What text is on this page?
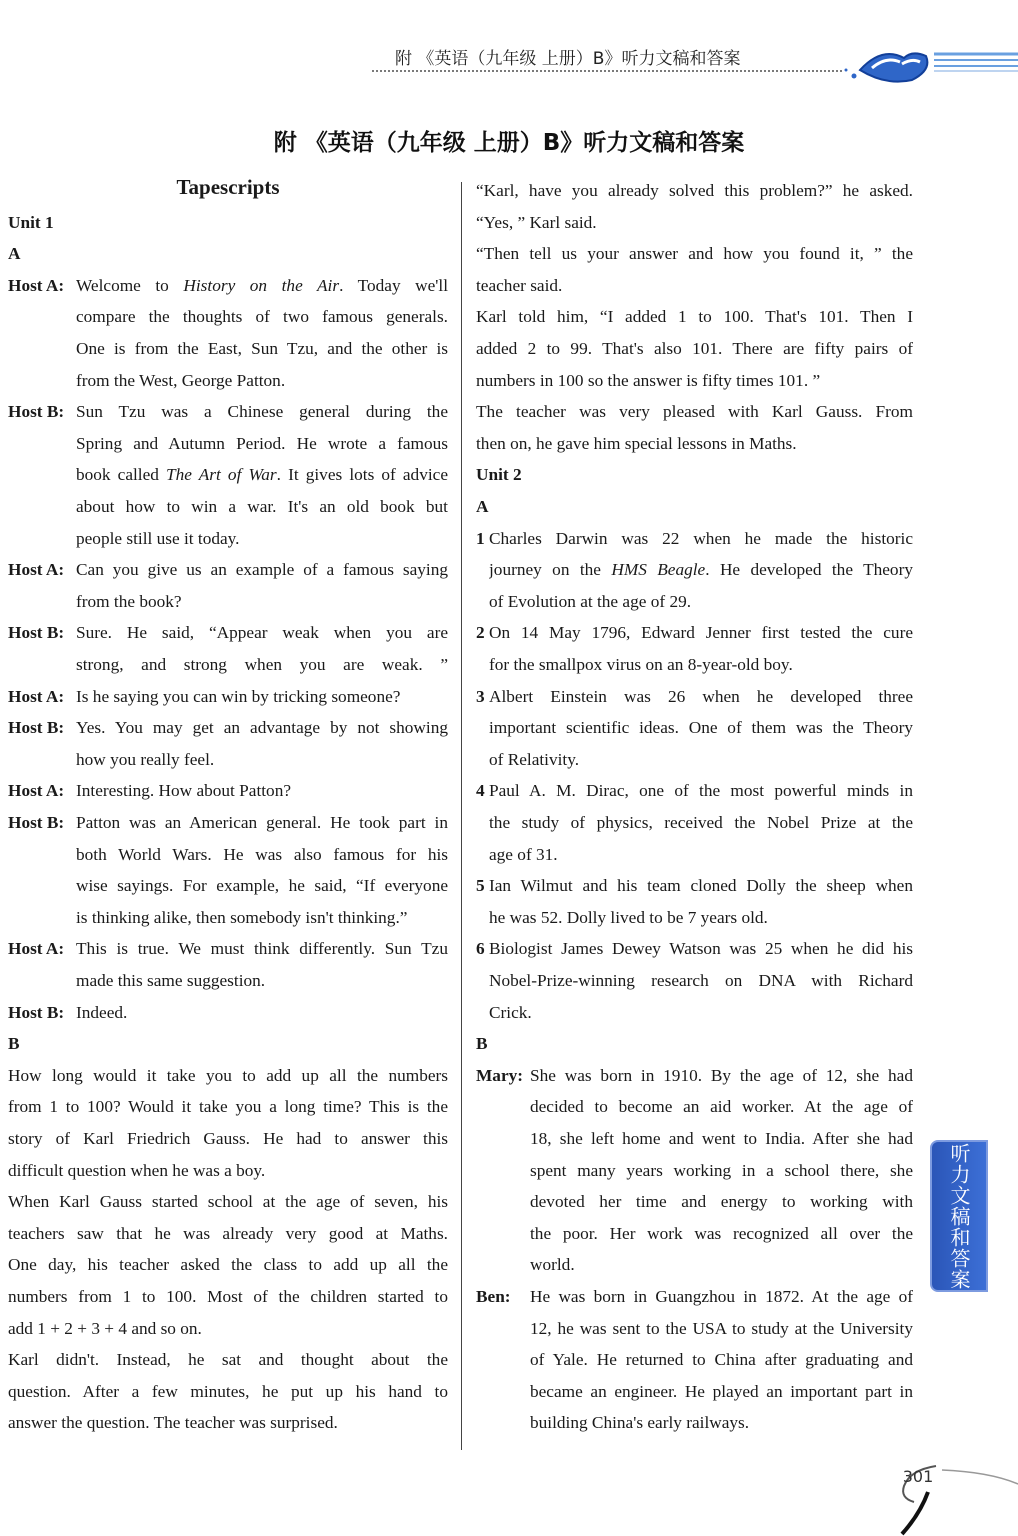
附 《英语（九年级 上册）B》听力文稿和答案
附 《英语（九年级 上册）B》听力文稿和答案
Tapescripts
Unit 1
A
Host A: Welcome to History on the Air. Today we'll
compare the thoughts of two famous generals.
One is from the East, Sun Tzu, and the other is
from the West, George Patton.
Host B: Sun Tzu was a Chinese general during the
Spring and Autumn Period. He wrote a famous
book called The Art of War. It gives lots of advice
about how to win a war. It's an old book but
people still use it today.
Host A: Can you give us an example of a famous saying
from the book?
Host B: Sure. He said, “Appear weak when you are
strong, and strong when you are weak. ”
Host A: Is he saying you can win by tricking someone?
Host B: Yes. You may get an advantage by not showing
how you really feel.
Host A: Interesting. How about Patton?
Host B: Patton was an American general. He took part in
both World Wars. He was also famous for his
wise sayings. For example, he said, “If everyone
is thinking alike, then somebody isn't thinking.”
Host A: This is true. We must think differently. Sun Tzu
made this same suggestion.
Host B: Indeed.
B
How long would it take you to add up all the numbers
from 1 to 100? Would it take you a long time? This is the
story of Karl Friedrich Gauss. He had to answer this
difficult question when he was a boy.
When Karl Gauss started school at the age of seven, his
teachers saw that he was already very good at Maths.
One day, his teacher asked the class to add up all the
numbers from 1 to 100. Most of the children started to
add 1 + 2 + 3 + 4 and so on.
Karl didn't. Instead, he sat and thought about the
question. After a few minutes, he put up his hand to
answer the question. The teacher was surprised.
“Karl, have you already solved this problem?” he asked.
“Yes, ” Karl said.
“Then tell us your answer and how you found it, ” the
teacher said.
Karl told him, “I added 1 to 100. That's 101. Then I
added 2 to 99. That's also 101. There are fifty pairs of
numbers in 100 so the answer is fifty times 101. ”
The teacher was very pleased with Karl Gauss. From
then on, he gave him special lessons in Maths.
Unit 2
A
1 Charles Darwin was 22 when he made the historic
journey on the HMS Beagle. He developed the Theory
of Evolution at the age of 29.
2 On 14 May 1796, Edward Jenner first tested the cure
for the smallpox virus on an 8-year-old boy.
3 Albert Einstein was 26 when he developed three
important scientific ideas. One of them was the Theory
of Relativity.
4 Paul A. M. Dirac, one of the most powerful minds in
the study of physics, received the Nobel Prize at the
age of 31.
5 Ian Wilmut and his team cloned Dolly the sheep when
he was 52. Dolly lived to be 7 years old.
6 Biologist James Dewey Watson was 25 when he did his
Nobel-Prize-winning research on DNA with Richard
Crick.
B
Mary: She was born in 1910. By the age of 12, she had
decided to become an aid worker. At the age of
18, she left home and went to India. After she had
spent many years working in a school there, she
devoted her time and energy to working with
the poor. Her work was recognized all over the
world.
Ben: He was born in Guangzhou in 1872. At the age of
12, he was sent to the USA to study at the University
of Yale. He returned to China after graduating and
became an engineer. He played an important part in
building China's early railways.
听力文稿和答案
301
